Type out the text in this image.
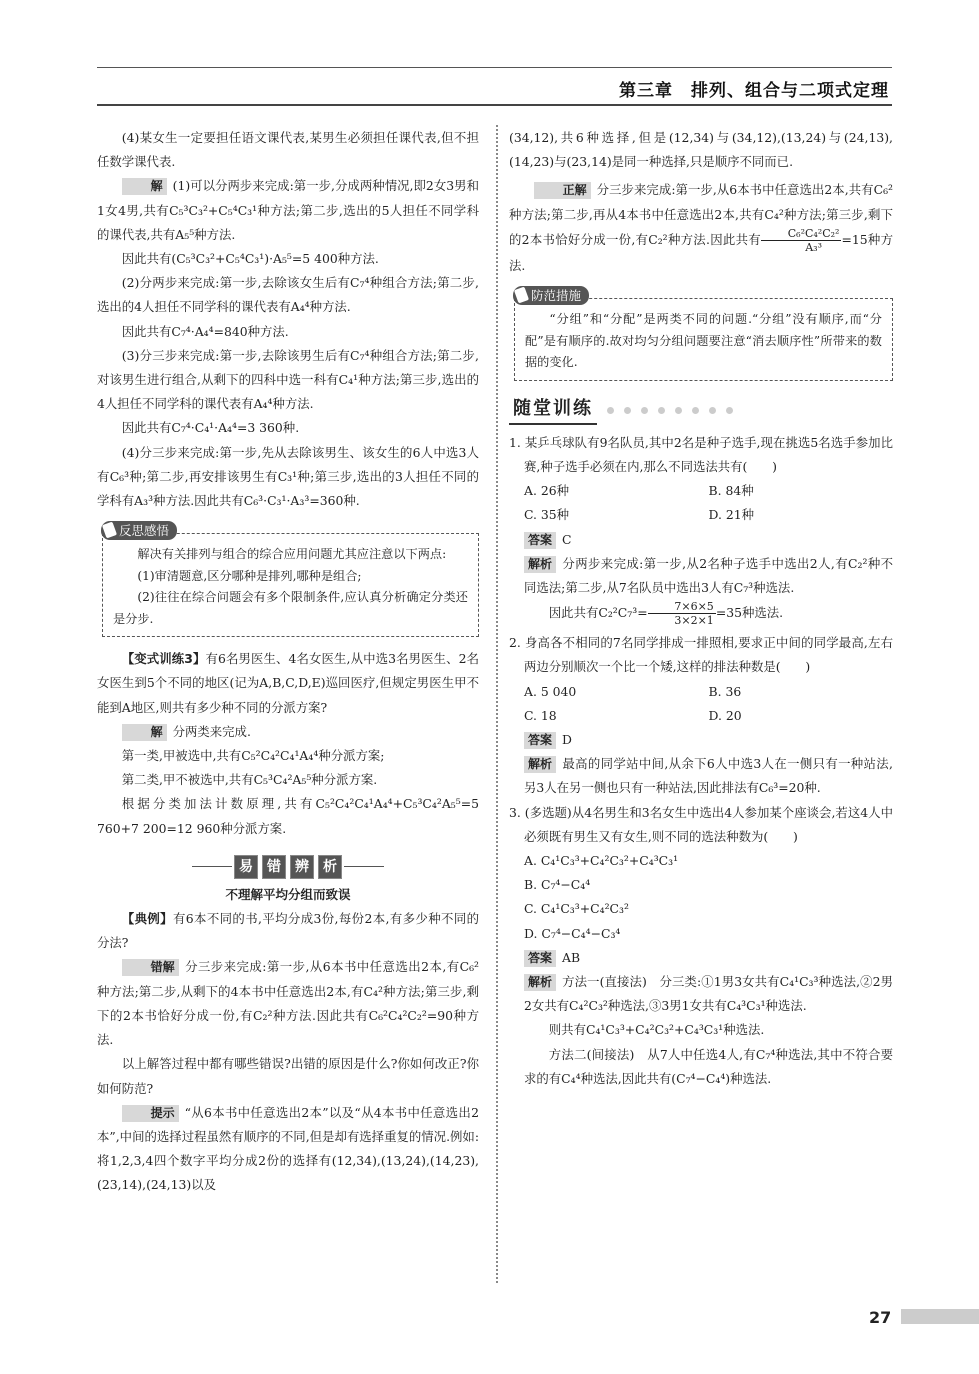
第三章　排列、组合与二项式定理

(4)某女生一定要担任语文课代表,某男生必须担任课代表,但不担任数学课代表.

解 (1)可以分两步来完成:第一步,分成两种情况,即2女3男和1女4男,共有C₅³C₃²+C₅⁴C₃¹种方法;第二步,选出的5人担任不同学科的课代表,共有A₅⁵种方法.

因此共有(C₅³C₃²+C₅⁴C₃¹)·A₅⁵=5 400种方法.

(2)分两步来完成:第一步,去除该女生后有C₇⁴种组合方法;第二步,选出的4人担任不同学科的课代表有A₄⁴种方法.

因此共有C₇⁴·A₄⁴=840种方法.

(3)分三步来完成:第一步,去除该男生后有C₇⁴种组合方法;第二步,对该男生进行组合,从剩下的四科中选一科有C₄¹种方法;第三步,选出的4人担任不同学科的课代表有A₄⁴种方法.

因此共有C₇⁴·C₄¹·A₄⁴=3 360种.

(4)分三步来完成:第一步,先从去除该男生、该女生的6人中选3人有C₆³种;第二步,再安排该男生有C₃¹种;第三步,选出的3人担任不同的学科有A₃³种方法.因此共有C₆³·C₃¹·A₃³=360种.

反思感悟

解决有关排列与组合的综合应用问题尤其应注意以下两点:

(1)审清题意,区分哪种是排列,哪种是组合;

(2)往往在综合问题会有多个限制条件,应认真分析确定分类还是分步.

【变式训练3】有6名男医生、4名女医生,从中选3名男医生、2名女医生到5个不同的地区(记为A,B,C,D,E)巡回医疗,但规定男医生甲不能到A地区,则共有多少种不同的分派方案?

解 分两类来完成.

第一类,甲被选中,共有C₅²C₄²C₄¹A₄⁴种分派方案;

第二类,甲不被选中,共有C₅³C₄²A₅⁵种分派方案.

根据分类加法计数原理,共有C₅²C₄²C₄¹A₄⁴+C₅³C₄²A₅⁵=5 760+7 200=12 960种分派方案.

易	错	辨	析

不理解平均分组而致误

【典例】有6本不同的书,平均分成3份,每份2本,有多少种不同的分法?

错解 分三步来完成:第一步,从6本书中任意选出2本,有C₆²种方法;第二步,从剩下的4本书中任意选出2本,有C₄²种方法;第三步,剩下的2本书恰好分成一份,有C₂²种方法.因此共有C₆²C₄²C₂²=90种方法.

以上解答过程中都有哪些错误?出错的原因是什么?你如何改正?你如何防范?

提示 “从6本书中任意选出2本”以及“从4本书中任意选出2本”,中间的选择过程虽然有顺序的不同,但是却有选择重复的情况.例如:将1,2,3,4四个数字平均分成2份的选择有(12,34),(13,24),(14,23),(23,14),(24,13)以及

(34,12),共6种选择,但是(12,34)与(34,12),(13,24)与(24,13),(14,23)与(23,14)是同一种选择,只是顺序不同而已.

正解 分三步来完成:第一步,从6本书中任意选出2本,共有C₆²种方法;第二步,再从4本书中任意选出2本,共有C₄²种方法;第三步,剩下的2本书恰好分成一份,有C₂²种方法.因此共有 $\frac{\text{C₆²C₄²C₂²}}{\text{A₃³}} =15$种方法.

防范措施

“分组”和“分配”是两类不同的问题.“分组”没有顺序,而“分配”是有顺序的.故对均匀分组问题要注意“消去顺序性”所带来的数据的变化.

随堂训练

1. 某乒乓球队有9名队员,其中2名是种子选手,现在挑选5名选手参加比赛,种子选手必须在内,那么不同选法共有(　　)

A. 26种	B. 84种
C. 35种	D. 21种

答案 C

解析 分两步来完成:第一步,从2名种子选手中选出2人,有C₂²种不同选法;第二步,从7名队员中选出3人有C₇³种选法.

因此共有$C_2^2C_7^3= \frac{7\times 6\times 5}{3\times 2\times 1} =35$种选法.

2. 身高各不相同的7名同学排成一排照相,要求正中间的同学最高,左右两边分别顺次一个比一个矮,这样的排法种数是(　　)

A. 5 040	B. 36
C. 18	D. 20

答案 D

解析 最高的同学站中间,从余下6人中选3人在一侧只有一种站法,另3人在另一侧也只有一种站法,因此排法有C₆³=20种.

3. (多选题)从4名男生和3名女生中选出4人参加某个座谈会,若这4人中必须既有男生又有女生,则不同的选法种数为(　　)

A. C₄¹C₃³+C₄²C₃²+C₄³C₃¹
B. C₇⁴−C₄⁴
C. C₄¹C₃³+C₄²C₃²
D. C₇⁴−C₄⁴−C₃⁴

答案 AB

解析 方法一(直接法)　分三类:①1男3女共有C₄¹C₃³种选法,②2男2女共有C₄²C₃²种选法,③3男1女共有C₄³C₃¹种选法.

则共有C₄¹C₃³+C₄²C₃²+C₄³C₃¹种选法.

方法二(间接法)　从7人中任选4人,有C₇⁴种选法,其中不符合要求的有C₄⁴种选法,因此共有(C₇⁴−C₄⁴)种选法.

27
